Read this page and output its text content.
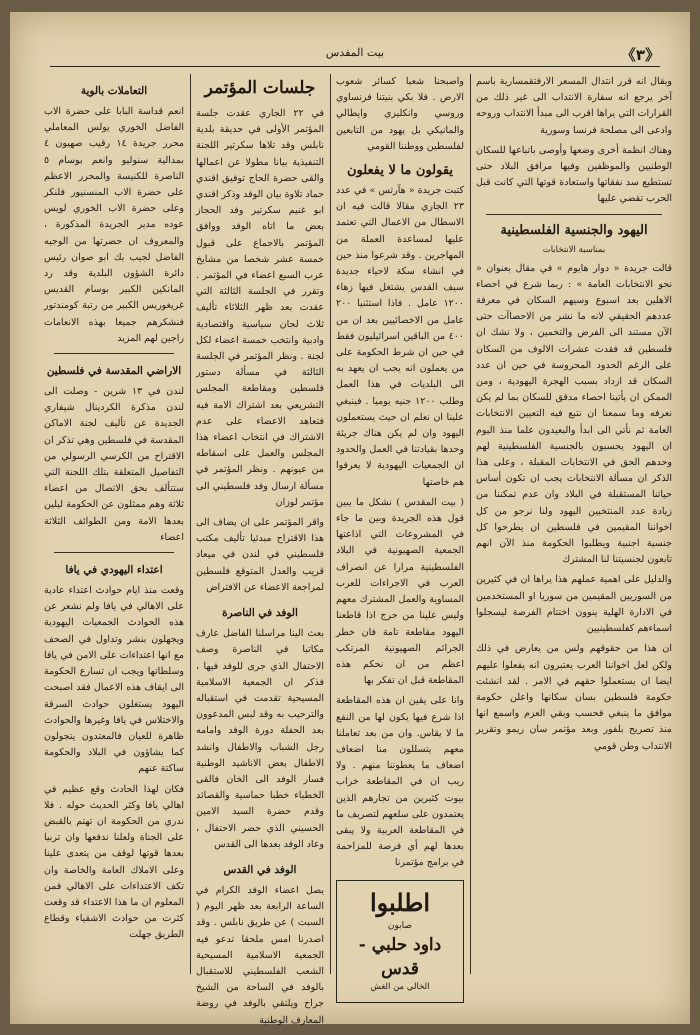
《٣》
بيت المقدس

وبقال انه قرر انتدال المسعر الارفتقمسارية باسم آخر يرجع انه سفارة الانتداب الى غير ذلك من القرارات التي يراها اقرب الى مبدأ الانتداب وروحه وادعى الى مصلحة فرنسا وسورية

وهناك انظمة أخرى وضعها وأوصى باتباعها للسكان الوطنيين والموظفين وفيها مرافق البلاد حتى تستطيع سد نفقاتها واستعادة قوتها التي كانت قبل الحرب تقضي عليها

اليهود والجنسية الفلسطينية
بمناسبة الانتخابات

قالت جريدة « دوار هايوم » في مقال بعنوان « نحو الانتخابات العامة » : ربما شرع في احصاء الاهلين بعد اسبوع وسيهم السكان في معرفة عددهم الحقيقي لانه ما نشر من الاحصاآت حتى الآن مستند الى الفرض والتخمين ، ولا نشك ان فلسطين قد فقدت عشرات الالوف من السكان على الرغم الحدود المحروسة في حين ان عدد السكان قد ازداد بسبب الهجرة اليهودية ، ومن الممكن ان يأتينا احصاء مدقق للسكان بما لم يكن نعرفه وما سمعنا ان نتبع فيه التعيين الانتخابات العامة ثم نأتي الى ابدأ والبعيدون علما منذ اليوم ان اليهود يحسبون بالجنسية الفلسطينية لهم وحدهم الحق في الانتخابات المقبلة ، وعلى هذا الذكر ان مسألة الانتخابات يجب ان تكون أساس حياتنا المستقبلة في البلاد وان عدم تمكننا من زيادة عدد المنتخبين اليهود ولنا نرجو من كل اخواننا المقيمين في فلسطين ان يطرحوا كل جنسية اجنبية ويطلبوا الحكومة منذ الآن انهم تابعون لجنسيتنا لنا المشترك

والدليل على اهمية عملهم هذا يراها ان في كثيرين من السوريين المقيمين من سوريا او المستخدمين في الادارة الهلية ينوون اختتام الفرصة ليسجلوا اسماءهم كفلسطينيين

ان هذا من حقوقهم ولس من يعارض في ذلك ولكن لعل اخواننا العرب يعتبرون انه يفعلوا عليهم ايضا ان يستعملوا حقهم في الامر . لقد انشئت حكومة فلسطين بسان سكانها واعلن حكومة موافق ما ينبغي فحسب وبقي العزم واسمع انها منذ تصريح بلفور وبعد مؤتمر سان ريمو وتقرير الانتداب وطن قومي

واصبحنا شعبا كسائر شعوب الارض . فلا بكي بنيتنا فرنساوي وروسي وانكليزي وايطالي والمانيكي بل يهود من التابعين لفلسطين ووطننا القومي

يقولون ما لا يفعلون

كتبت جريدة « هآرتس » في عدد ٢٣ الجاري مقالا قالت فيه ان الاسطال من الاعمال التي تعتمد عليها لمساعدة العملة من المهاجرين . وقد شرعوا منذ حين في انشاء سكة لاحياء جديدة سيف القدس يشتغل فيها زهاء ١٢٠٠ عامل . فاذا استثنيا ٢٠٠ عامل من الاخصائيين بعد ان من ٤٠٠ من الباقين اسرائيليون فقط في حين ان شرط الحكومة على من يعملون انه يجب ان يعهد به الى البلديات في هذا العمل وطلب ١٢٠٠ جنيه يوميا . فينبغي علينا ان نعلم ان حيث يستعملون اليهود وان لم يكن هناك جريئة وحدها بقيادتنا في العمل والحدود ان الجمعيات اليهودية لا يعرفوا هم خاصتها

( بيت المقدس ) نشكل ما يبين قول هذه الجريدة وبين ما جاء في المشروعات التي اذاعتها الجمعية الصهيونية في البلاد الفلسطينية مرارا عن انصراف العرب في الاجراءات للعرب المساوية والعمل المشترك معهم وليس علينا من حرج اذا قاطعنا اليهود مقاطعة تامة فان خطر الجرائم الصهيونية المرتكب اعظم من ان نحكم هذه المقاطعة قبل ان تفكر بها

وانا على يقين ان هذه المقاطعة اذا شرع فيها يكون لها من النفع ما لا يقاس. وان من بعد تعاملنا معهم يتسللون منا اضعاف اضعاف ما يعطوننا منهم . ولا ريب ان في المقاطعة خراب بيوت كثيرين من تجارهم الذين يعتمدون على سلعهم لتصريف ما في المقاطعة العربية ولا يبقى بعدها لهم أي فرصة للمزاحمة في برامج مؤتمرنا

اطلبوا
صابون
داود حلبي - قدس
الخالي من الغش
جلسات المؤتمر

في ٢٢ الجاري عقدت جلسة المؤتمر الأولى في حديقة بلدية نابلس وقد تلاها سكرتير اللجنة التنفيذية بيانا مطولا عن اعمالها والقى حضرة الحاج توفيق افندي حماد تلاوة بيان الوفد وذكر افندي ابو غنيم سكرتير وفد الحجاز بعض ما اتاه الوفد ووافق المؤتمر بالاجماع على قبول خمسة عشر شخصا من مشايخ عرب السبع اعضاء في المؤتمر . وتقرر في الجلسة الثالثة التي عقدت بعد ظهر الثلاثاء تأليف ثلاث لجان سياسية واقتصادية وادبية وانتخب خمسة اعضاء لكل لجنة . ونظر المؤتمر في الجلسة الثالثة في مسألة دستور فلسطين ومقاطعة المجلس التشريعي بعد اشتراك الامة فيه فتعاهد الاعضاء على عدم الاشتراك في انتخاب اعضاء هذا المجلس والعمل على اسقاطه من عيونهم . ونظر المؤتمر في مسألة ارسال وفد فلسطيني الى مؤتمر لوزان

واقر المؤتمر على ان يضاف الى هذا الاقتراح مبدئيا تأليف مكتب فلسطيني في لندن في ميعاد قريب والعدل المتوقع فلسطين لمراجعة الاعضاء عن الافتراض

الوفد في الناصرة

بعث الينا مراسلنا الفاضل عارف مكاتبا في الناصرة وصف الاحتفال الذي جرى للوفد فيها ، فذكر ان الجمعية الاسلامية المسيحية تقدمت في استقباله والترحيب به وقد لبس المدعوون بعد الحفلة دورة الوفد وامامه رجل الشباب والاطفال وانشد الاطفال بعض الاناشيد الوطنية فسار الوفد الى الخان فالقى الخطباء خطبا حماسية والقصائد وقدم حضرة السيد الامين الحسيني الذي حضر الاحتفال ، وعاد الوفد بعدها الى القدس

الوفد في القدس

يصل اعضاء الوفد الكرام في الساعة الرابعة بعد ظهر اليوم ( السبت ) عن طريق نابلس . وقد اصدرنا امس ملحقا تدعو فيه الجمعية الاسلامية المسيحية الشعب الفلسطيني للاستقبال بالوفد في الساحة من الشيخ جراح ويلتقي بالوفد في روضة المعارف الوطنية

التعاملات بالوية

انعم قداسة البابا على حضرة الاب الفاضل الخوري يولس المعاملي محرر جريدة ١٤ رقيب صهيون ٤ بمدالية سنوليو وانعم بوسام ٥ الناصرة للكنيسة والمحرر الاعظم على حضرة الاب المنسنيور فلنكر وعلى حضرة الاب الخوري لويس عوده مدير الجريدة المذكورة ، والمعروف ان حضرتها من الوجيه الفاضل لجيب بك ابو صوان رئيس دائرة الشؤون البلدية وقد رد المانكين الكبير بوسام القديس غريغوريس الكبير من رتبة كومندتور فنشكرهم جميعا بهذه الانعامات راجين لهم المزيد

الاراضي المقدسة في فلسطين

لندن في ١٣ شرين - وصلت الى لندن مذكرة الكردينال شيفاري الجديدة عن تأليف لجنة الاماكن المقدسة في فلسطين وهي تذكر ان الاقتراح من الكرسي الرسولي من التفاصيل المتعلقة بتلك اللجنة التي ستتألف بحق الاتصال من اعضاء ثلاثة وهم ممثلون عن الحكومة ليلين بعدها الامة ومن الطوائف الثلاثة اعضاء

اعتداء اليهودي في يافا

وقعت منذ ايام حوادث اعتداء عادية على الاهالي في يافا ولم نشعر عن هذه الحوادث الجمعيات اليهودية ويجهلون بنشر وتداول في الصحف مع انها اعتداءات على الامن في يافا وسلطاتها ويجب ان تسارع الحكومة الى ايقاف هذه الاعمال فقد اصبحت اليهود يستغلون حوادث السرقة والاختلاس في يافا وغيرها والحوادث ظاهرة للعيان فالمعتدون يتجولون كما يشاؤون في البلاد والحكومة ساكتة عنهم

فكان لهذا الحادث وقع عظيم في اهالي يافا وكثر الحديث حوله . فلا ندري من الحكومة ان تهتم بالقبض على الجناة ولعلنا ندفعها وان تربيا بعدها قوتها لوقف من يتعدى علينا وعلى الاملاك العامة والخاصة وان تكف الاعتداءات على الاهالي فمن المعلوم ان ما هذا الاعتداء قد وقعت كثرت من حوادث الاشقياء وقطاع الطريق جهلت
